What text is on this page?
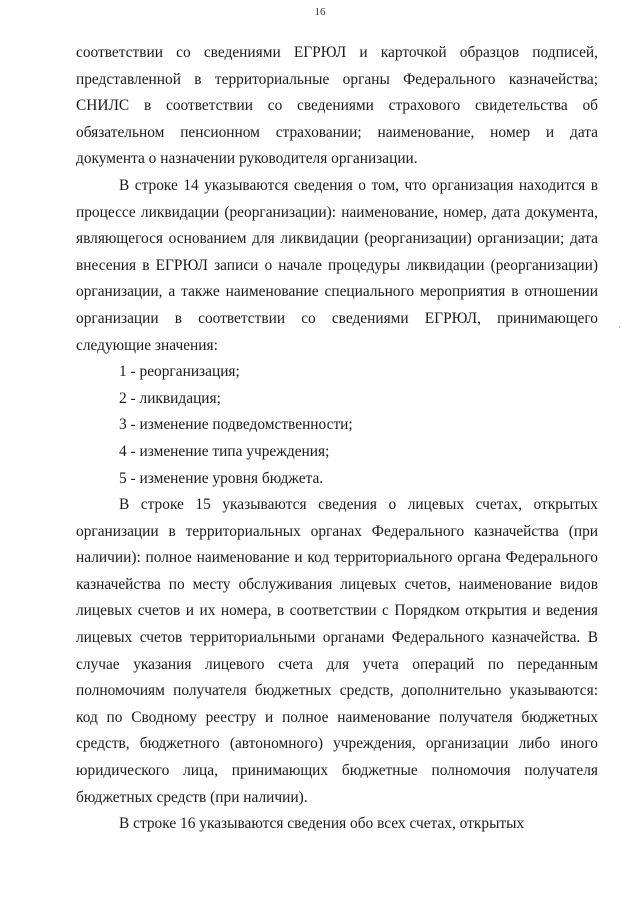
16

соответствии со сведениями ЕГРЮЛ и карточкой образцов подписей, представленной в территориальные органы Федерального казначейства; СНИЛС в соответствии со сведениями страхового свидетельства об обязательном пенсионном страховании; наименование, номер и дата документа о назначении руководителя организации.

В строке 14 указываются сведения о том, что организация находится в процессе ликвидации (реорганизации): наименование, номер, дата документа, являющегося основанием для ликвидации (реорганизации) организации; дата внесения в ЕГРЮЛ записи о начале процедуры ликвидации (реорганизации) организации, а также наименование специального мероприятия в отношении организации в соответствии со сведениями ЕГРЮЛ, принимающего следующие значения:

1 - реорганизация;

2 - ликвидация;

3 - изменение подведомственности;

4 - изменение типа учреждения;

5 - изменение уровня бюджета.

В строке 15 указываются сведения о лицевых счетах, открытых организации в территориальных органах Федерального казначейства (при наличии): полное наименование и код территориального органа Федерального казначейства по месту обслуживания лицевых счетов, наименование видов лицевых счетов и их номера, в соответствии с Порядком открытия и ведения лицевых счетов территориальными органами Федерального казначейства. В случае указания лицевого счета для учета операций по переданным полномочиям получателя бюджетных средств, дополнительно указываются: код по Сводному реестру и полное наименование получателя бюджетных средств, бюджетного (автономного) учреждения, организации либо иного юридического лица, принимающих бюджетные полномочия получателя бюджетных средств (при наличии).

В строке 16 указываются сведения обо всех счетах, открытых

·
